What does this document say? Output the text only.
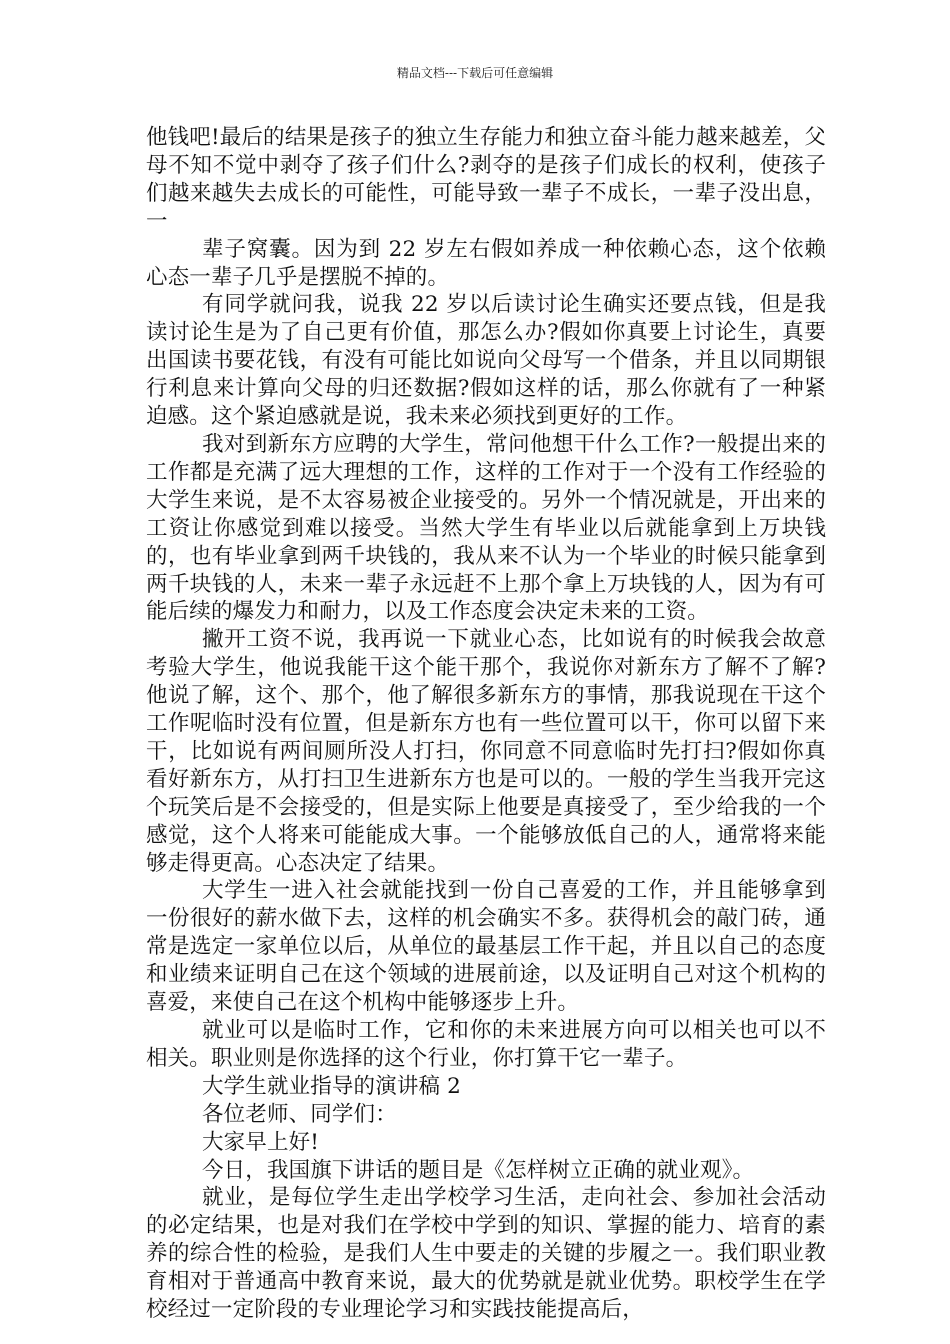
精品文档---下载后可任意编辑

他钱吧!最后的结果是孩子的独立生存能力和独立奋斗能力越来越差，父母不知不觉中剥夺了孩子们什么?剥夺的是孩子们成长的权利，使孩子们越来越失去成长的可能性，可能导致一辈子不成长，一辈子没出息，一

辈子窝囊。因为到 22 岁左右假如养成一种依赖心态，这个依赖心态一辈子几乎是摆脱不掉的。

有同学就问我，说我 22 岁以后读讨论生确实还要点钱，但是我读讨论生是为了自己更有价值，那怎么办?假如你真要上讨论生，真要出国读书要花钱，有没有可能比如说向父母写一个借条，并且以同期银行利息来计算向父母的归还数据?假如这样的话，那么你就有了一种紧迫感。这个紧迫感就是说，我未来必须找到更好的工作。

我对到新东方应聘的大学生，常问他想干什么工作?一般提出来的工作都是充满了远大理想的工作，这样的工作对于一个没有工作经验的大学生来说，是不太容易被企业接受的。另外一个情况就是，开出来的工资让你感觉到难以接受。当然大学生有毕业以后就能拿到上万块钱的，也有毕业拿到两千块钱的，我从来不认为一个毕业的时候只能拿到两千块钱的人，未来一辈子永远赶不上那个拿上万块钱的人，因为有可能后续的爆发力和耐力，以及工作态度会决定未来的工资。

撇开工资不说，我再说一下就业心态，比如说有的时候我会故意考验大学生，他说我能干这个能干那个，我说你对新东方了解不了解?他说了解，这个、那个，他了解很多新东方的事情，那我说现在干这个工作呢临时没有位置，但是新东方也有一些位置可以干，你可以留下来干，比如说有两间厕所没人打扫，你同意不同意临时先打扫?假如你真看好新东方，从打扫卫生进新东方也是可以的。一般的学生当我开完这个玩笑后是不会接受的，但是实际上他要是真接受了，至少给我的一个感觉，这个人将来可能能成大事。一个能够放低自己的人，通常将来能够走得更高。心态决定了结果。

大学生一进入社会就能找到一份自己喜爱的工作，并且能够拿到一份很好的薪水做下去，这样的机会确实不多。获得机会的敲门砖，通常是选定一家单位以后，从单位的最基层工作干起，并且以自己的态度和业绩来证明自己在这个领域的进展前途，以及证明自己对这个机构的喜爱，来使自己在这个机构中能够逐步上升。

就业可以是临时工作，它和你的未来进展方向可以相关也可以不相关。职业则是你选择的这个行业，你打算干它一辈子。

大学生就业指导的演讲稿 2

各位老师、同学们：

大家早上好!

今日，我国旗下讲话的题目是《怎样树立正确的就业观》。

就业，是每位学生走出学校学习生活，走向社会、参加社会活动的必定结果，也是对我们在学校中学到的知识、掌握的能力、培育的素养的综合性的检验，是我们人生中要走的关键的步履之一。我们职业教育相对于普通高中教育来说，最大的优势就是就业优势。职校学生在学校经过一定阶段的专业理论学习和实践技能提高后，
